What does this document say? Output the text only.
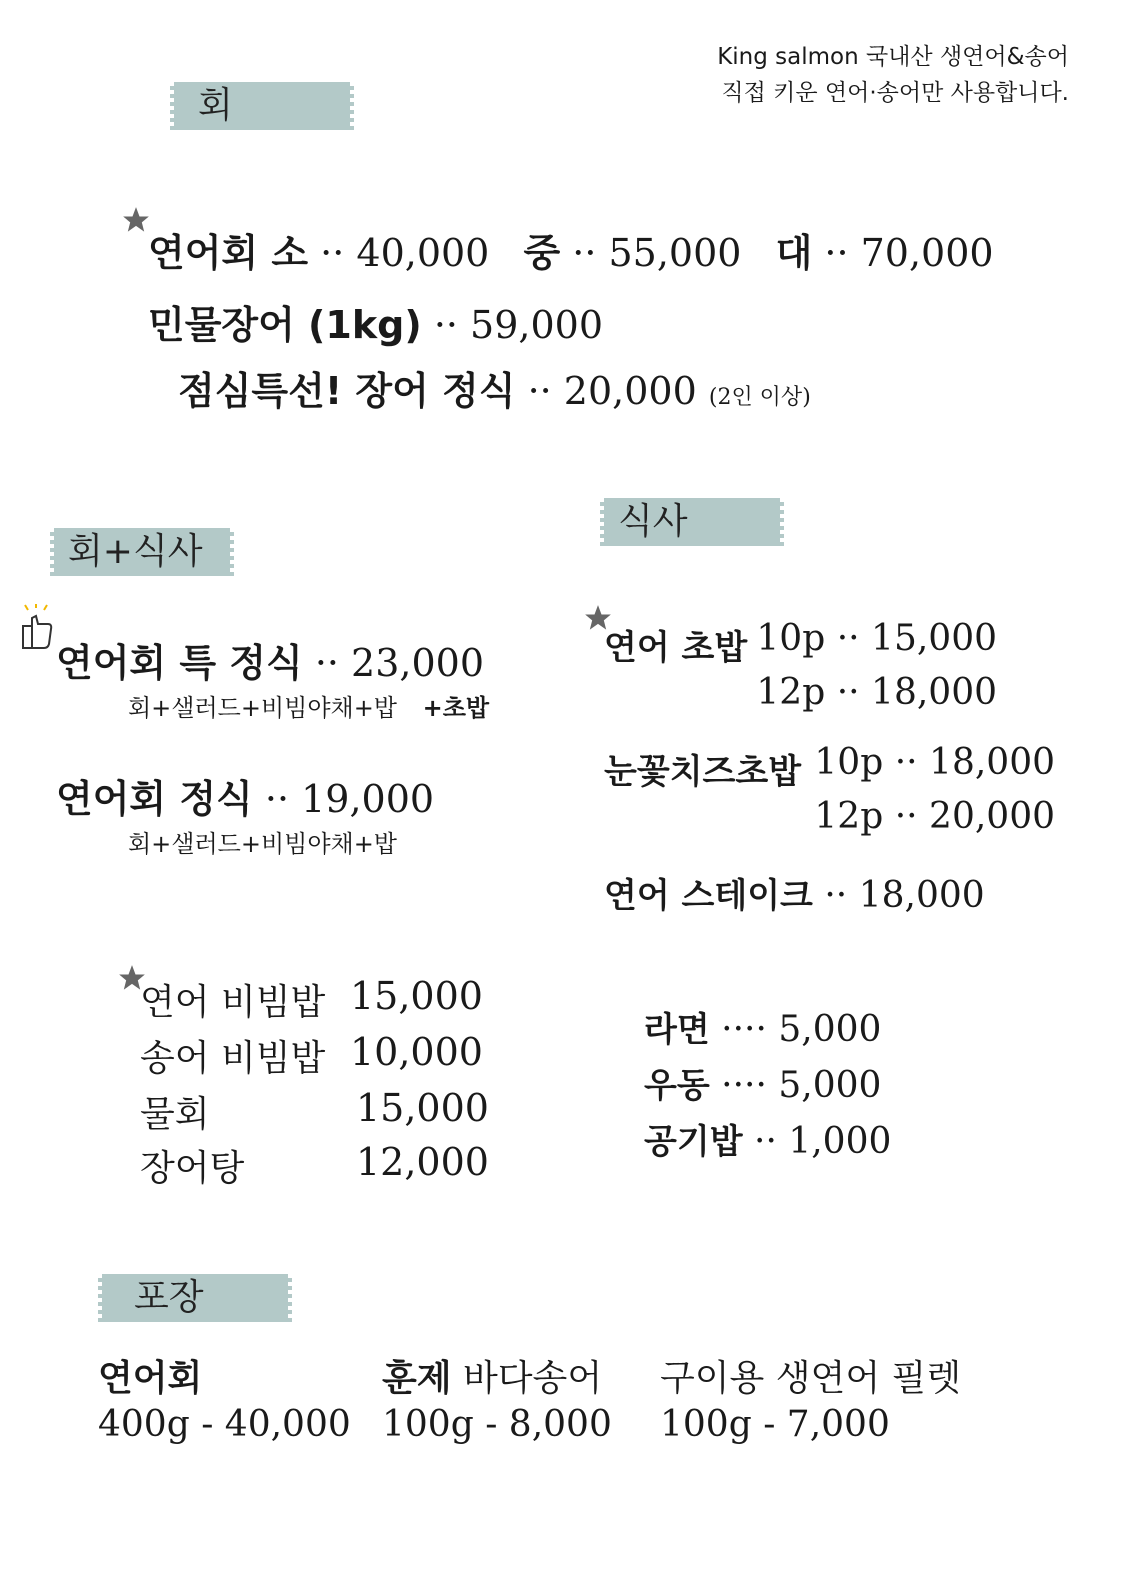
King salmon 국내산 생연어&송어
직접 키운 연어·송어만 사용합니다.
회
연어회 소 ·· 40,000 중 ·· 55,000 대 ·· 70,000
민물장어 (1kg) ·· 59,000
점심특선! 장어 정식 ·· 20,000 (2인 이상)
회+식사
연어회 특 정식 ·· 23,000
회+샐러드+비빔야채+밥 +초밥
연어회 정식 ·· 19,000
회+샐러드+비빔야채+밥
연어 비빔밥 15,000
송어 비빔밥 10,000
물회	15,000
장어탕	12,000
식사
연어 초밥 10p ·· 15,000
12p ·· 18,000
눈꽃치즈초밥 10p ·· 18,000
12p ·· 20,000
연어 스테이크 ·· 18,000
라면 ···· 5,000
우동 ···· 5,000
공기밥 ·· 1,000
포장
연어회
400g - 40,000
훈제 바다송어
100g - 8,000
구이용 생연어 필렛
100g - 7,000
